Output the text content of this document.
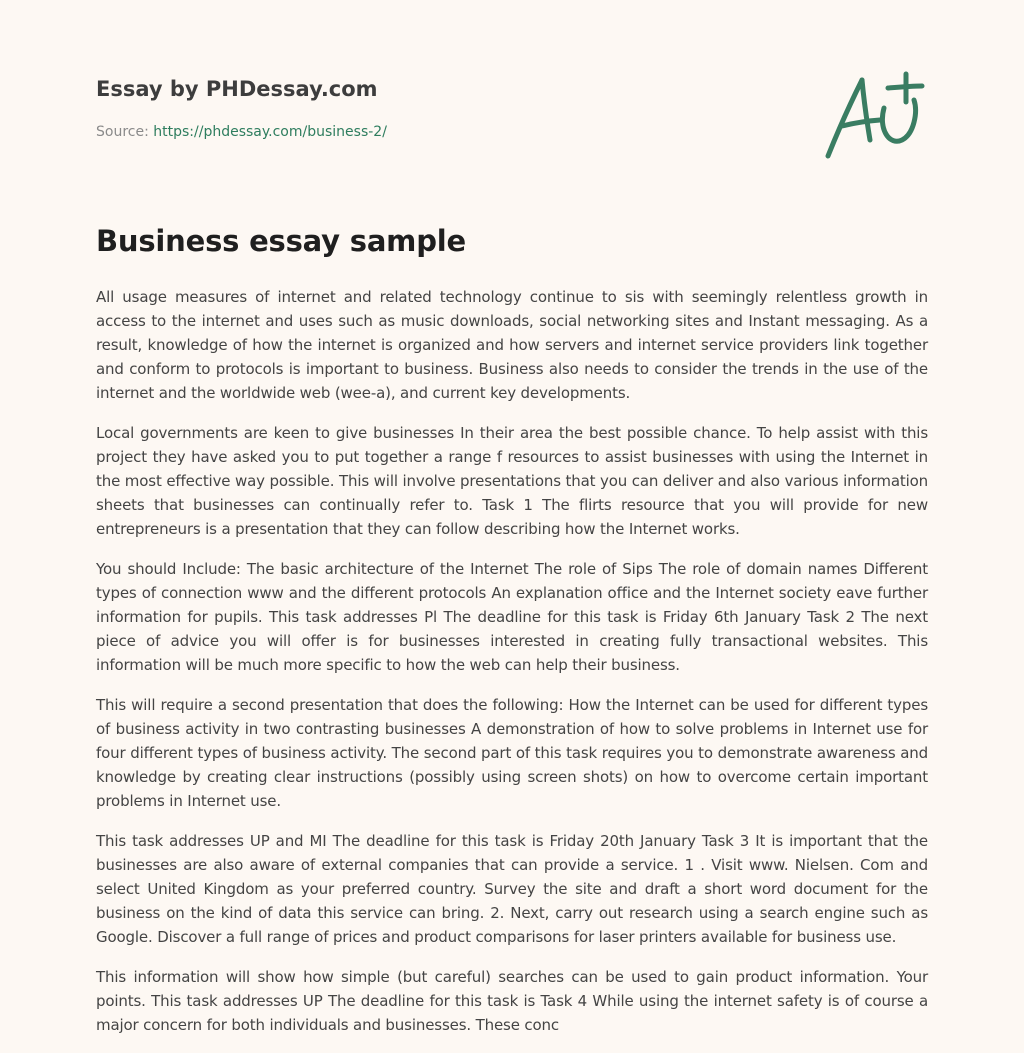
Essay by PHDessay.com
Source: https://phdessay.com/business-2/
Business essay sample

All usage measures of internet and related technology continue to sis with seemingly relentless growth in access to the internet and uses such as music downloads, social networking sites and Instant messaging. As a result, knowledge of how the internet is organized and how servers and internet service providers link together and conform to protocols is important to business. Business also needs to consider the trends in the use of the internet and the worldwide web (wee-a), and current key developments.

Local governments are keen to give businesses In their area the best possible chance. To help assist with this project they have asked you to put together a range f resources to assist businesses with using the Internet in the most effective way possible. This will involve presentations that you can deliver and also various information sheets that businesses can continually refer to. Task 1 The flirts resource that you will provide for new entrepreneurs is a presentation that they can follow describing how the Internet works.

You should Include: The basic architecture of the Internet The role of Sips The role of domain names Different types of connection www and the different protocols An explanation office and the Internet society eave further information for pupils. This task addresses Pl The deadline for this task is Friday 6th January Task 2 The next piece of advice you will offer is for businesses interested in creating fully transactional websites. This information will be much more specific to how the web can help their business.

This will require a second presentation that does the following: How the Internet can be used for different types of business activity in two contrasting businesses A demonstration of how to solve problems in Internet use for four different types of business activity. The second part of this task requires you to demonstrate awareness and knowledge by creating clear instructions (possibly using screen shots) on how to overcome certain important problems in Internet use.

This task addresses UP and MI The deadline for this task is Friday 20th January Task 3 It is important that the businesses are also aware of external companies that can provide a service. 1 . Visit www. Nielsen. Com and select United Kingdom as your preferred country. Survey the site and draft a short word document for the business on the kind of data this service can bring. 2. Next, carry out research using a search engine such as Google. Discover a full range of prices and product comparisons for laser printers available for business use.

This information will show how simple (but careful) searches can be used to gain product information. Your points. This task addresses UP The deadline for this task is Task 4 While using the internet safety is of course a major concern for both individuals and businesses. These conc
